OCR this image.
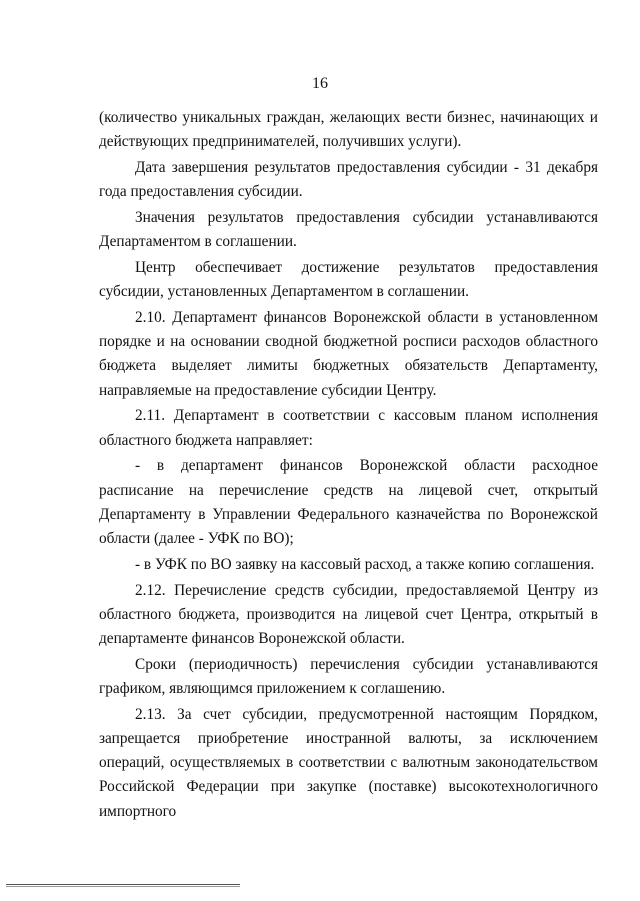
16

(количество уникальных граждан, желающих вести бизнес, начинающих и действующих предпринимателей, получивших услуги).

Дата завершения результатов предоставления субсидии - 31 декабря года предоставления субсидии.

Значения результатов предоставления субсидии устанавливаются Департаментом в соглашении.

Центр обеспечивает достижение результатов предоставления субсидии, установленных Департаментом в соглашении.

2.10. Департамент финансов Воронежской области в установленном порядке и на основании сводной бюджетной росписи расходов областного бюджета выделяет лимиты бюджетных обязательств Департаменту, направляемые на предоставление субсидии Центру.

2.11. Департамент в соответствии с кассовым планом исполнения областного бюджета направляет:

- в департамент финансов Воронежской области расходное расписание на перечисление средств на лицевой счет, открытый Департаменту в Управлении Федерального казначейства по Воронежской области (далее - УФК по ВО);

- в УФК по ВО заявку на кассовый расход, а также копию соглашения.

2.12. Перечисление средств субсидии, предоставляемой Центру из областного бюджета, производится на лицевой счет Центра, открытый в департаменте финансов Воронежской области.

Сроки (периодичность) перечисления субсидии устанавливаются графиком, являющимся приложением к соглашению.

2.13. За счет субсидии, предусмотренной настоящим Порядком, запрещается приобретение иностранной валюты, за исключением операций, осуществляемых в соответствии с валютным законодательством Российской Федерации при закупке (поставке) высокотехнологичного импортного
